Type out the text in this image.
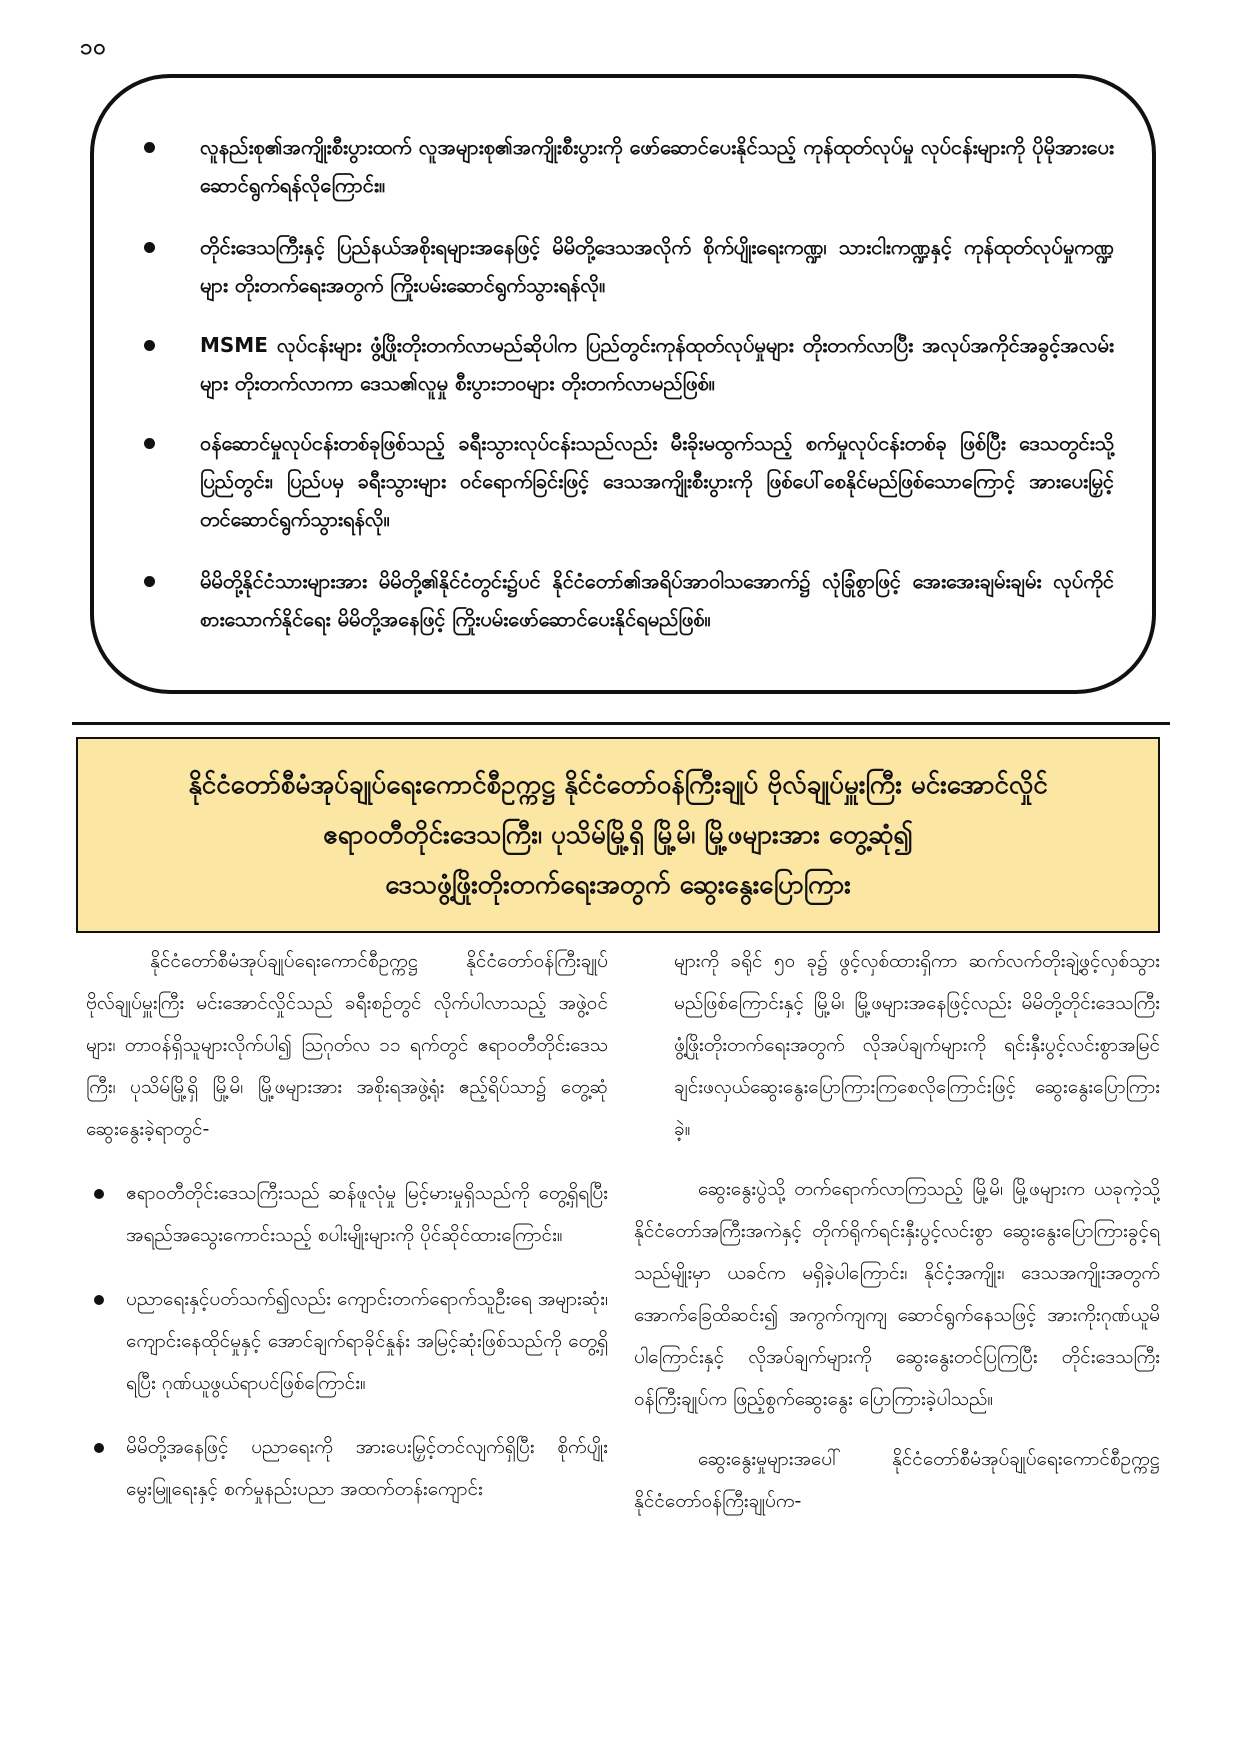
၁၀
လူနည်းစု၏အကျိုးစီးပွားထက် လူအများစု၏အကျိုးစီးပွားကို ဖော်ဆောင်ပေးနိုင်သည့် ကုန်ထုတ်လုပ်မှု လုပ်ငန်းများကို ပိုမိုအားပေးဆောင်ရွက်ရန်လိုကြောင်း။
တိုင်းဒေသကြီးနှင့် ပြည်နယ်အစိုးရများအနေဖြင့် မိမိတို့ဒေသအလိုက် စိုက်ပျိုးရေးကဏ္ဍ၊ သားငါးကဏ္ဍနှင့် ကုန်ထုတ်လုပ်မှုကဏ္ဍများ တိုးတက်ရေးအတွက် ကြိုးပမ်းဆောင်ရွက်သွားရန်လို။
MSME လုပ်ငန်းများ ဖွံ့ဖြိုးတိုးတက်လာမည်ဆိုပါက ပြည်တွင်းကုန်ထုတ်လုပ်မှုများ တိုးတက်လာပြီး အလုပ်အကိုင်အခွင့်အလမ်းများ တိုးတက်လာကာ ဒေသ၏လူမှု စီးပွားဘဝများ တိုးတက်လာမည်ဖြစ်။
ဝန်ဆောင်မှုလုပ်ငန်းတစ်ခုဖြစ်သည့် ခရီးသွားလုပ်ငန်းသည်လည်း မီးခိုးမထွက်သည့် စက်မှုလုပ်ငန်းတစ်ခု ဖြစ်ပြီး ဒေသတွင်းသို့ ပြည်တွင်း၊ ပြည်ပမှ ခရီးသွားများ ဝင်ရောက်ခြင်းဖြင့် ဒေသအကျိုးစီးပွားကို ဖြစ်ပေါ်စေနိုင်မည်ဖြစ်သောကြောင့် အားပေးမြှင့်တင်ဆောင်ရွက်သွားရန်လို။
မိမိတို့နိုင်ငံသားများအား မိမိတို့၏နိုင်ငံတွင်း၌ပင် နိုင်ငံတော်၏အရိပ်အာဝါသအောက်၌ လုံခြုံစွာဖြင့် အေးအေးချမ်းချမ်း လုပ်ကိုင်စားသောက်နိုင်ရေး မိမိတို့အနေဖြင့် ကြိုးပမ်းဖော်ဆောင်ပေးနိုင်ရမည်ဖြစ်။
နိုင်ငံတော်စီမံအုပ်ချုပ်ရေးကောင်စီဥက္ကဋ္ဌ နိုင်ငံတော်ဝန်ကြီးချုပ် ဗိုလ်ချုပ်မှူးကြီး မင်းအောင်လှိုင်
ဧရာဝတီတိုင်းဒေသကြီး၊ ပုသိမ်မြို့ရှိ မြို့မိ၊ မြို့ဖများအား တွေ့ဆုံ၍
ဒေသဖွံ့ဖြိုးတိုးတက်ရေးအတွက် ဆွေးနွေးပြောကြား

နိုင်ငံတော်စီမံအုပ်ချုပ်ရေးကောင်စီဥက္ကဋ္ဌ နိုင်ငံတော်ဝန်ကြီးချုပ် ဗိုလ်ချုပ်မှူးကြီး မင်းအောင်လှိုင်သည် ခရီးစဉ်တွင် လိုက်ပါလာသည့် အဖွဲ့ဝင်များ၊ တာဝန်ရှိသူများလိုက်ပါ၍ ဩဂုတ်လ ၁၁ ရက်တွင် ဧရာဝတီတိုင်းဒေသကြီး၊ ပုသိမ်မြို့ရှိ မြို့မိ၊ မြို့ဖများအား အစိုးရအဖွဲ့ရုံး ဧည့်ရိပ်သာ၌ တွေ့ဆုံဆွေးနွေးခဲ့ရာတွင်-

ဧရာဝတီတိုင်းဒေသကြီးသည် ဆန်ဖူလုံမှု မြင့်မားမှုရှိသည်ကို တွေ့ရှိရပြီး အရည်အသွေးကောင်းသည့် စပါးမျိုးများကို ပိုင်ဆိုင်ထားကြောင်း။
ပညာရေးနှင့်ပတ်သက်၍လည်း ကျောင်းတက်ရောက်သူဦးရေ အများဆုံး၊ ကျောင်းနေထိုင်မှုနှင့် အောင်ချက်ရာခိုင်နှုန်း အမြင့်ဆုံးဖြစ်သည်ကို တွေ့ရှိရပြီး ဂုဏ်ယူဖွယ်ရာပင်ဖြစ်ကြောင်း။
မိမိတို့အနေဖြင့် ပညာရေးကို အားပေးမြှင့်တင်လျက်ရှိပြီး စိုက်ပျိုးမွေးမြူရေးနှင့် စက်မှုနည်းပညာ အထက်တန်းကျောင်း

များကို ခရိုင် ၅၀ ခု၌ ဖွင့်လှစ်ထားရှိကာ ဆက်လက်တိုးချဲ့ဖွင့်လှစ်သွားမည်ဖြစ်ကြောင်းနှင့် မြို့မိ၊ မြို့ဖများအနေဖြင့်လည်း မိမိတို့တိုင်းဒေသကြီး ဖွံ့ဖြိုးတိုးတက်ရေးအတွက် လိုအပ်ချက်များကို ရင်းနှီးပွင့်လင်းစွာအမြင်ချင်းဖလှယ်ဆွေးနွေးပြောကြားကြစေလိုကြောင်းဖြင့် ဆွေးနွေးပြောကြားခဲ့။

ဆွေးနွေးပွဲသို့ တက်ရောက်လာကြသည့် မြို့မိ၊ မြို့ဖများက ယခုကဲ့သို့ နိုင်ငံတော်အကြီးအကဲနှင့် တိုက်ရိုက်ရင်းနှီးပွင့်လင်းစွာ ဆွေးနွေးပြောကြားခွင့်ရသည်မျိုးမှာ ယခင်က မရှိခဲ့ပါကြောင်း၊ နိုင်ငံ့အကျိုး၊ ဒေသအကျိုးအတွက် အောက်ခြေထိဆင်း၍ အကွက်ကျကျ ဆောင်ရွက်နေသဖြင့် အားကိုးဂုဏ်ယူမိပါကြောင်းနှင့် လိုအပ်ချက်များကို ဆွေးနွေးတင်ပြကြပြီး တိုင်းဒေသကြီးဝန်ကြီးချုပ်က ဖြည့်စွက်ဆွေးနွေး ပြောကြားခဲ့ပါသည်။

ဆွေးနွေးမှုများအပေါ် နိုင်ငံတော်စီမံအုပ်ချုပ်ရေးကောင်စီဥက္ကဋ္ဌ နိုင်ငံတော်ဝန်ကြီးချုပ်က-
